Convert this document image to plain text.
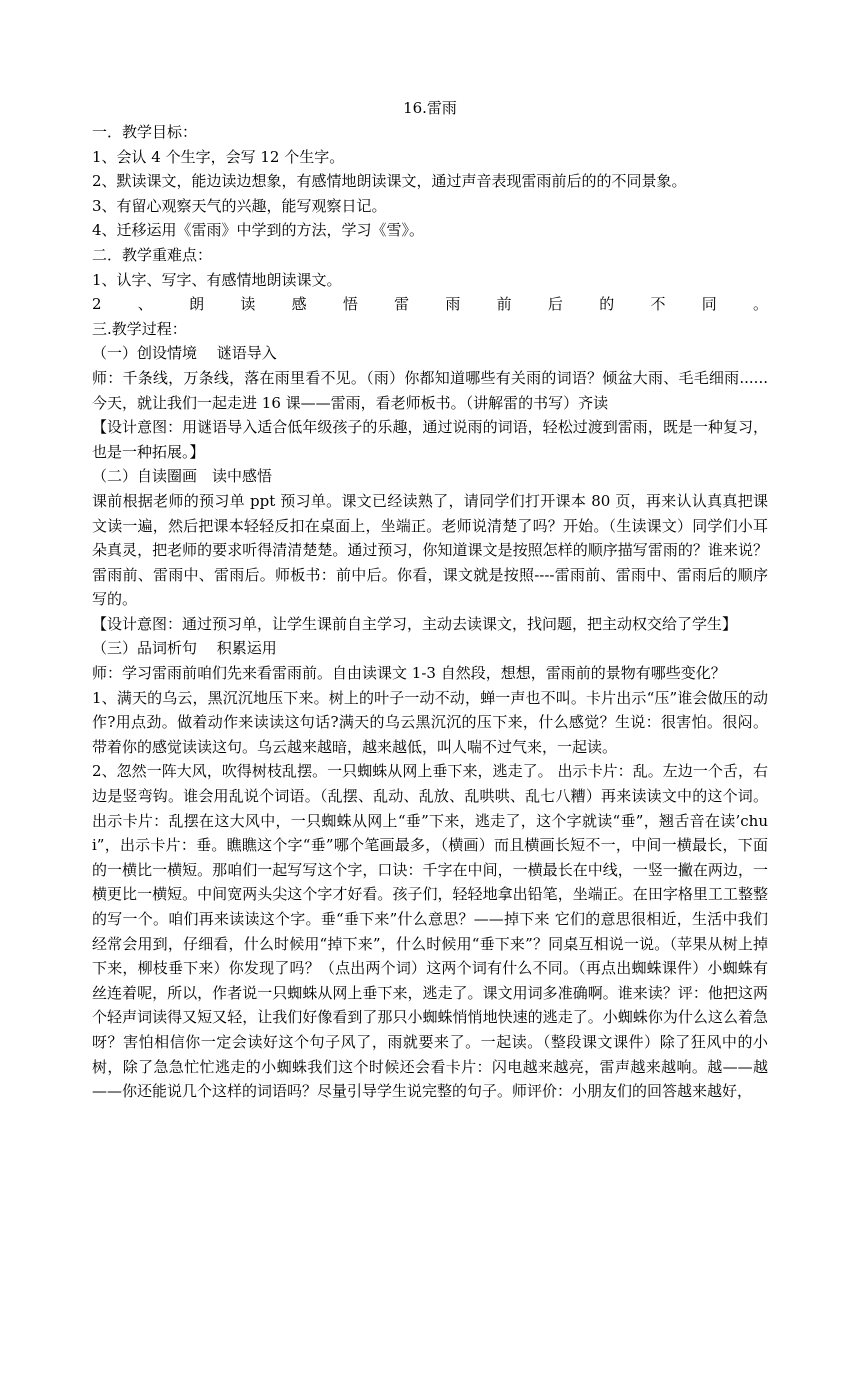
16.雷雨

一．教学目标：

1、会认 4 个生字，会写 12 个生字。

2、默读课文，能边读边想象，有感情地朗读课文，通过声音表现雷雨前后的的不同景象。

3、有留心观察天气的兴趣，能写观察日记。

4、迁移运用《雷雨》中学到的方法，学习《雪》。

二．教学重难点：

1、认字、写字、有感情地朗读课文。

2 、 朗 读 感 悟 雷 雨 前 后 的 不 同 。

三.教学过程：

（一）创设情境　 谜语导入

师：千条线，万条线，落在雨里看不见。（雨）你都知道哪些有关雨的词语？倾盆大雨、毛毛细雨......今天，就让我们一起走进 16 课——雷雨，看老师板书。（讲解雷的书写）齐读

【设计意图：用谜语导入适合低年级孩子的乐趣，通过说雨的词语，轻松过渡到雷雨，既是一种复习，也是一种拓展。】

（二）自读圈画　读中感悟

课前根据老师的预习单 ppt 预习单。课文已经读熟了，请同学们打开课本 80 页，再来认认真真把课文读一遍，然后把课本轻轻反扣在桌面上，坐端正。老师说清楚了吗？开始。（生读课文）同学们小耳朵真灵，把老师的要求听得清清楚楚。通过预习，你知道课文是按照怎样的顺序描写雷雨的？谁来说？雷雨前、雷雨中、雷雨后。师板书：前中后。你看，课文就是按照----雷雨前、雷雨中、雷雨后的顺序写的。

【设计意图：通过预习单，让学生课前自主学习，主动去读课文，找问题，把主动权交给了学生】

（三）品词析句　 积累运用

师：学习雷雨前咱们先来看雷雨前。自由读课文 1-3 自然段，想想，雷雨前的景物有哪些变化？

1、满天的乌云，黑沉沉地压下来。树上的叶子一动不动，蝉一声也不叫。卡片出示“压”谁会做压的动作?用点劲。做着动作来读读这句话?满天的乌云黑沉沉的压下来，什么感觉？生说：很害怕。很闷。带着你的感觉读读这句。乌云越来越暗，越来越低，叫人喘不过气来，一起读。

2、忽然一阵大风，吹得树枝乱摆。一只蜘蛛从网上垂下来，逃走了。 出示卡片：乱。左边一个舌，右边是竖弯钩。谁会用乱说个词语。（乱摆、乱动、乱放、乱哄哄、乱七八糟）再来读读文中的这个词。出示卡片：乱摆在这大风中，一只蜘蛛从网上“垂”下来，逃走了，这个字就读“垂”，翘舌音在读’chui”，出示卡片：垂。瞧瞧这个字“垂”哪个笔画最多，（横画）而且横画长短不一，中间一横最长，下面的一横比一横短。那咱们一起写写这个字，口诀：千字在中间，一横最长在中线，一竖一撇在两边，一横更比一横短。中间宽两头尖这个字才好看。孩子们，轻轻地拿出铅笔，坐端正。在田字格里工工整整的写一个。咱们再来读读这个字。垂“垂下来”什么意思？——掉下来 它们的意思很相近，生活中我们经常会用到，仔细看，什么时候用“掉下来”，什么时候用“垂下来”？同桌互相说一说。（苹果从树上掉下来，柳枝垂下来）你发现了吗？（点出两个词）这两个词有什么不同。（再点出蜘蛛课件）小蜘蛛有丝连着呢，所以，作者说一只蜘蛛从网上垂下来，逃走了。课文用词多准确啊。谁来读？评：他把这两个轻声词读得又短又轻，让我们好像看到了那只小蜘蛛悄悄地快速的逃走了。小蜘蛛你为什么这么着急呀？害怕相信你一定会读好这个句子风了，雨就要来了。一起读。（整段课文课件）除了狂风中的小树，除了急急忙忙逃走的小蜘蛛我们这个时候还会看卡片：闪电越来越亮，雷声越来越响。越——越——你还能说几个这样的词语吗？尽量引导学生说完整的句子。师评价：小朋友们的回答越来越好，
